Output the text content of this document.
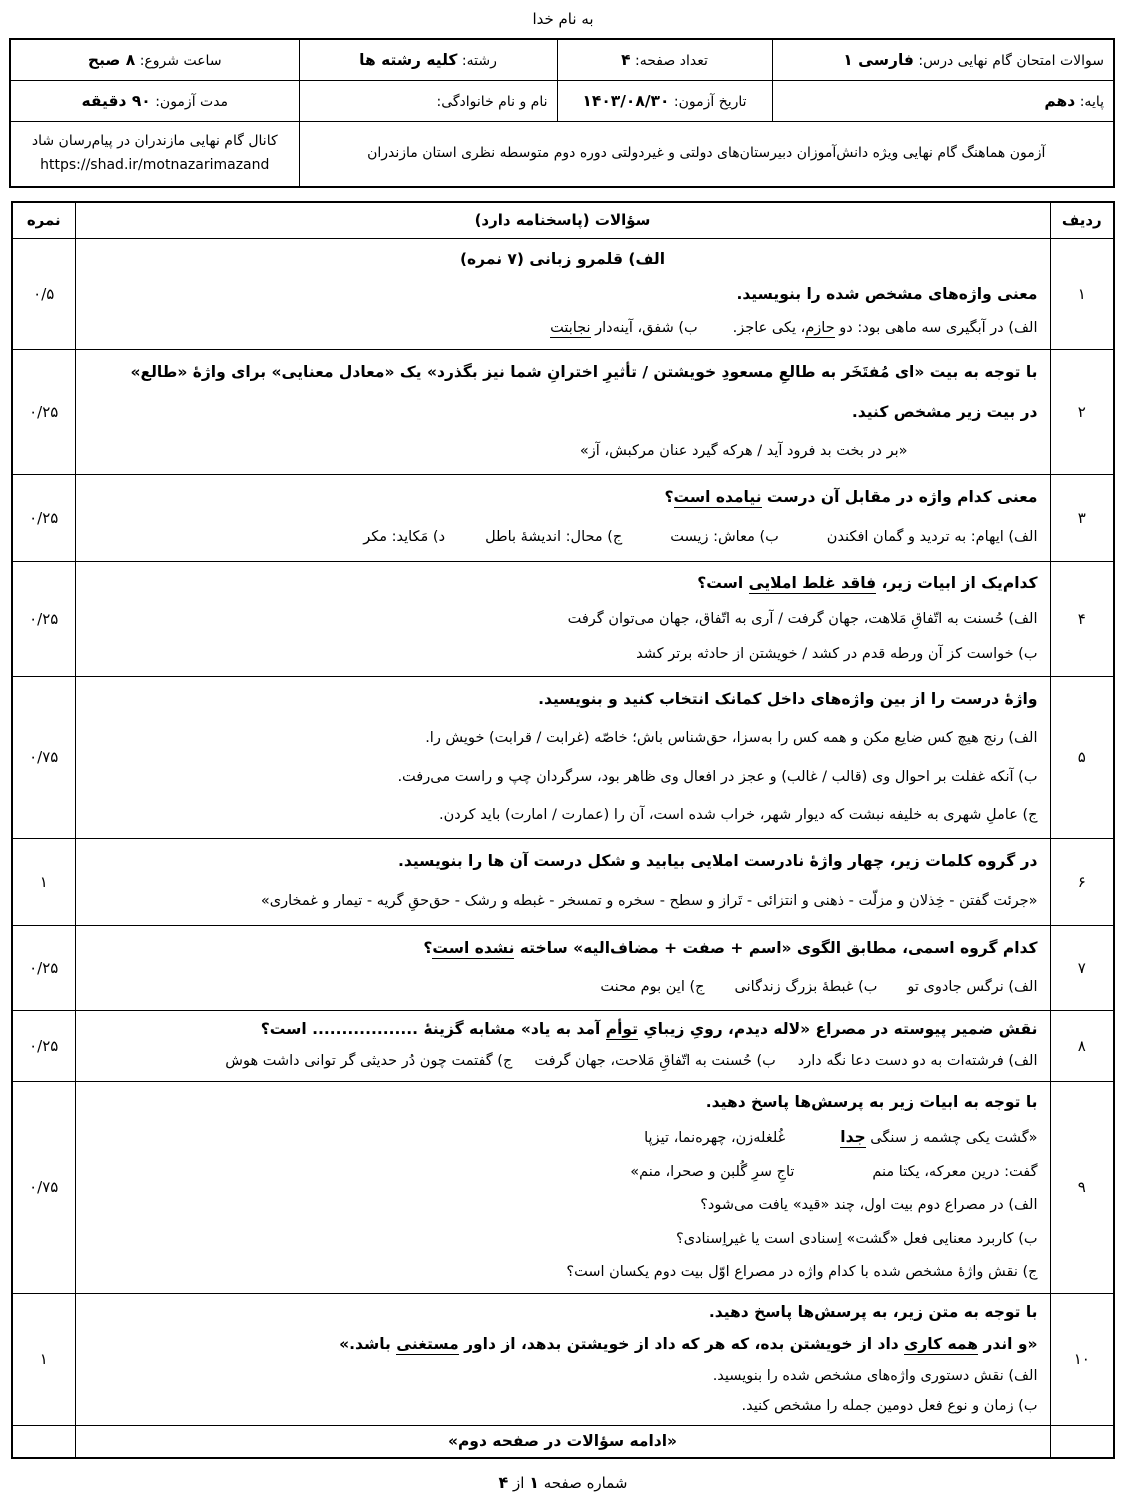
به نام خدا
سوالات امتحان گام نهایی درس: فارسی ۱	تعداد صفحه: ۴	رشته: کلیه رشته ها	ساعت شروع: ۸ صبح
پایه: دهم	تاریخ آزمون: ۱۴۰۳/۰۸/۳۰	نام و نام خانوادگی:	مدت آزمون: ۹۰ دقیقه
آزمون هماهنگ گام نهایی ویژه دانش‌آموزان دبیرستان‌های دولتی و غیردولتی دوره دوم متوسطه نظری استان مازندران			کانال گام نهایی مازندران در پیام‌رسان شاد
https://shad.ir/motnazarimazand
ردیف	سؤالات (پاسخنامه دارد)	نمره
۱	الف) قلمرو زبانی (۷ نمره)
معنی واژه‌های مشخص شده را بنویسید.
الف) در آبگیری سه ماهی بود: دو حازم، یکی عاجز.ب) شفق، آینه‌دار نجابتت	۰/۵
۲	با توجه به بیت «ای مُفتَخَر به طالعِ مسعودِ خویشتن / تأثیرِ اخترانِ شما نیز بگذرد» یک «معادل معنایی» برای واژهٔ «طالع»
در بیت زیر مشخص کنید.
«بر در بخت بد فرود آید / هرکه گیرد عنان مرکبش، آز»	۰/۲۵
۳	معنی کدام واژه در مقابل آن درست نیامده است؟
الف) ایهام: به تردید و گمان افکندنب) معاش: زیستج) محال: اندیشهٔ باطلد) مَکاید: مکر	۰/۲۵
۴	کدام‌یک از ابیات زیر، فاقد غلط املایی است؟
الف) حُسنت به اتّفاقِ مَلاهت، جهان گرفت / آری به اتّفاق، جهان می‌توان گرفت
ب) خواست کز آن ورطه قدم در کشد / خویشتن از حادثه برتر کشد	۰/۲۵
۵	واژهٔ درست را از بین واژه‌های داخل کمانک انتخاب کنید و بنویسید.
الف) رنج هیچ کس ضایع مکن و همه کس را به‌سزا، حق‌شناس باش؛ خاصّه (غرابت / قرابت) خویش را.
ب) آنکه غفلت بر احوال وی (قالب / غالب) و عجز در افعال وی ظاهر بود، سرگردان چپ و راست می‌رفت.
ج) عاملِ شهری به خلیفه نبشت که دیوار شهر، خراب شده است، آن را (عمارت / امارت) باید کردن.	۰/۷۵
۶	در گروه کلمات زیر، چهار واژهٔ نادرست املایی بیابید و شکل درست آن ها را بنویسید.
«جرئت گفتن - خِذلان و مزلّت - ذهنی و انتزائی - تَراز و سطح - سخره و تمسخر - غبطه و رشک - حق‌حقِ گریه - تیمار و غمخاری»	۱
۷	کدام گروه اسمی، مطابق الگوی «اسم + صفت + مضاف‌الیه» ساخته نشده است؟
الف) نرگس جادوی توب) غبطهٔ بزرگ زندگانیج) این بوم محنت	۰/۲۵
۸	نقش ضمیر پیوسته در مصراع «لاله دیدم، رویِ زیبایِ توأم آمد به یاد» مشابه گزینهٔ .................. است؟
الف) فرشته‌ات به دو دست دعا نگه داردب) حُسنت به اتّفاقِ مَلاحت، جهان گرفتج) گفتمت چون دُر حدیثی گر توانی داشت هوش	۰/۲۵
۹	
با توجه به ابیات زیر به پرسش‌ها پاسخ دهید.
«گشت یکی چشمه ز سنگی جداغُلغله‌زن، چهره‌نما، تیزپا
گفت: درین معرکه، یکتا منمتاجِ سرِ گُلبن و صحرا، منم»
الف) در مصراع دوم بیت اول، چند «قید» یافت می‌شود؟
ب) کاربرد معنایی فعل «گشت» اِسنادی است یا غیراِسنادی؟
ج) نقش واژهٔ مشخص شده با کدام واژه در مصراع اوّل بیت دوم یکسان است؟
	۰/۷۵
۱۰	با توجه به متن زیر، به پرسش‌ها پاسخ دهید.
«و اندر همه کاری داد از خویشتن بده، که هر که داد از خویشتن بدهد، از داور مستغنی باشد.»
الف) نقش دستوری واژه‌های مشخص شده را بنویسید.
ب) زمان و نوع فعل دومین جمله را مشخص کنید.	۱

	«ادامه سؤالات در صفحه دوم»	

شماره صفحه ۱ از ۴
